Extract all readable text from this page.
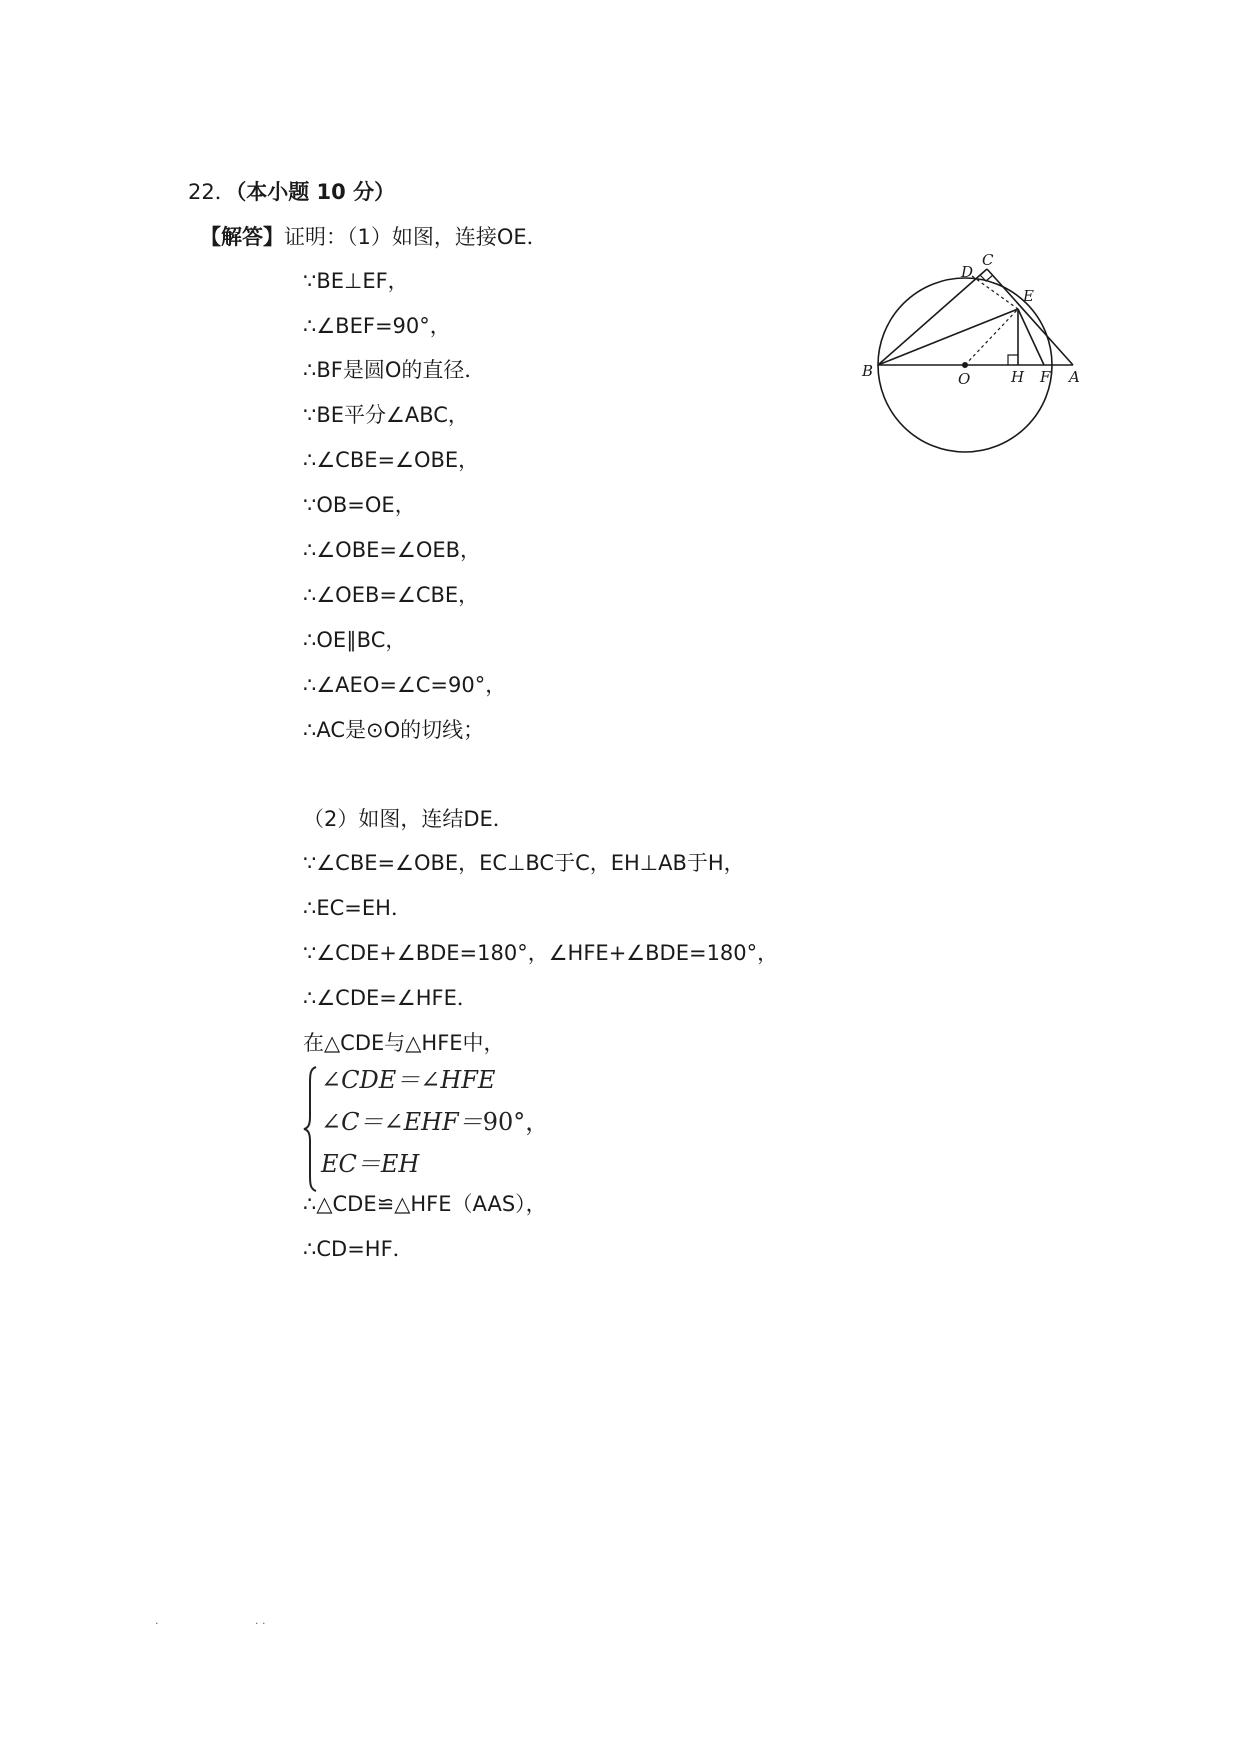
22．（本小题 10 分）
【解答】证明：（1）如图，连接OE．
∵BE⊥EF，
∴∠BEF=90°，
∴BF是圆O的直径．
∵BE平分∠ABC，
∴∠CBE=∠OBE，
∵OB=OE，
∴∠OBE=∠OEB，
∴∠OEB=∠CBE，
∴OE∥BC，
∴∠AEO=∠C=90°，
∴AC是⊙O的切线；
（2）如图，连结DE．
∵∠CBE=∠OBE，EC⊥BC于C，EH⊥AB于H，
∴EC=EH．
∵∠CDE+∠BDE=180°，∠HFE+∠BDE=180°，
∴∠CDE=∠HFE．
在△CDE与△HFE中，
∴△CDE≌△HFE（AAS），
∴CD=HF．
∠CDE＝∠HFE
∠C＝∠EHF＝90°，
EC＝EH
B	O	H F A
C
D
E
·	· ·
